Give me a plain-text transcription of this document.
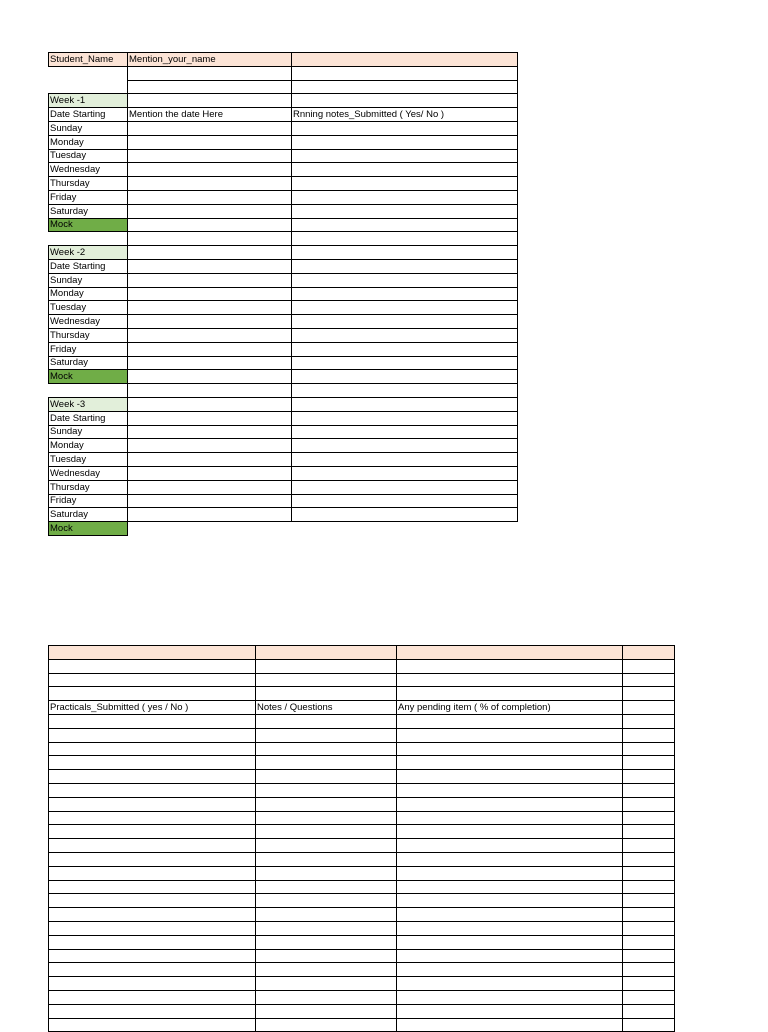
Student_Name	Mention_your_name	

Week -1		
Date Starting	Mention the date Here	Rnning notes_Submitted ( Yes/ No )
Sunday		
Monday		
Tuesday		
Wednesday		
Thursday		
Friday		
Saturday		
Mock		

Week -2		
Date Starting		
Sunday		
Monday		
Tuesday		
Wednesday		
Thursday		
Friday		
Saturday		
Mock		

Week -3		
Date Starting		
Sunday		
Monday		
Tuesday		
Wednesday		
Thursday		
Friday		
Saturday		
Mock		

Practicals_Submitted ( yes / No )	Notes / Questions	Any pending item ( % of completion)	
